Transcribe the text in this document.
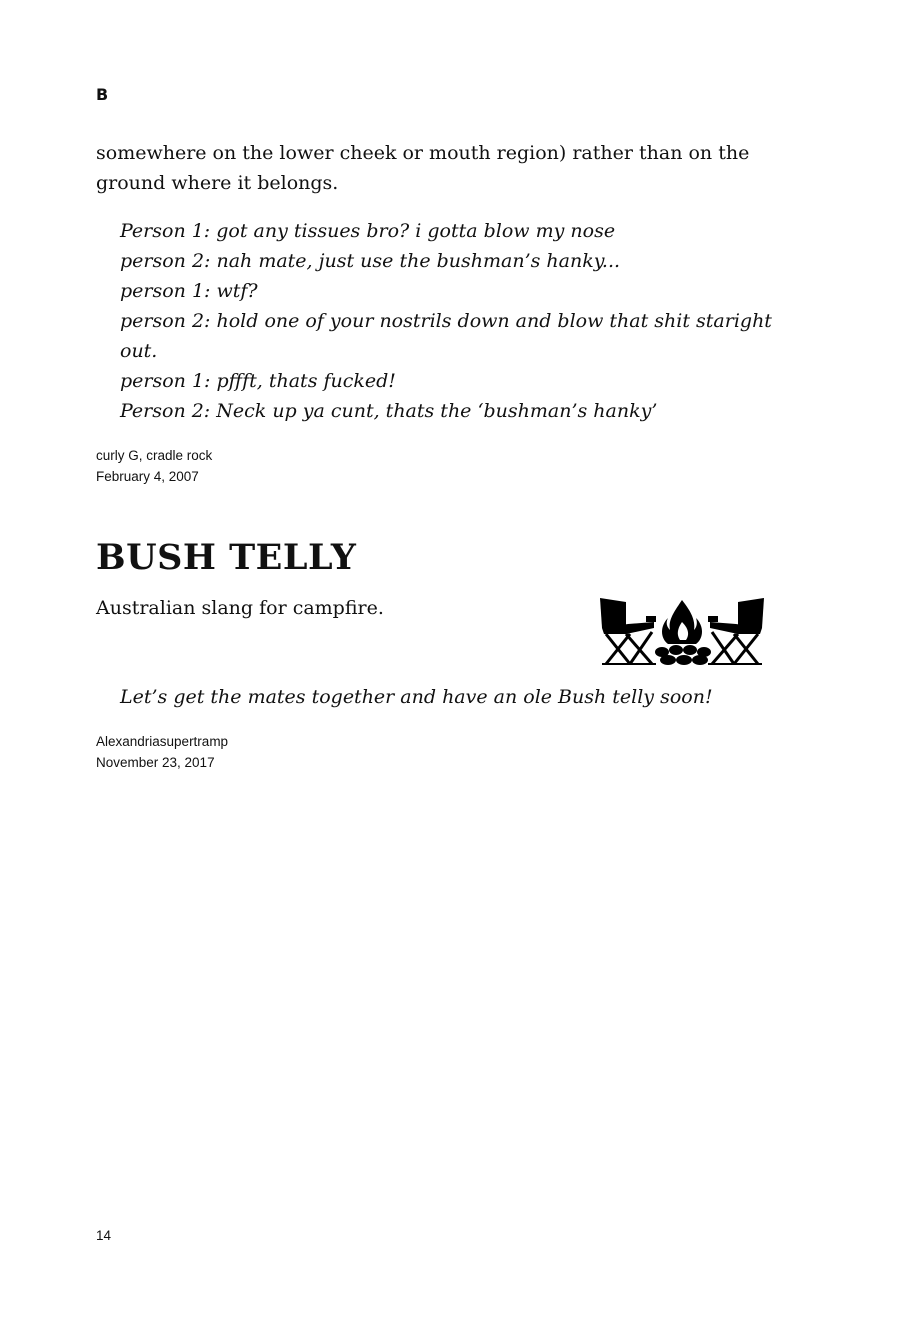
B

somewhere on the lower cheek or mouth region) rather than on the ground where it belongs.

Person 1: got any tissues bro? i gotta blow my nose
person 2: nah mate, just use the bushman’s hanky...
person 1: wtf?
person 2: hold one of your nostrils down and blow that shit staright out.
person 1: pffft, thats fucked!
Person 2: Neck up ya cunt, thats the ‘bushman’s hanky’

curly G, cradle rock
February 4, 2007

BUSH TELLY

Australian slang for campfire.

Let’s get the mates together and have an ole Bush telly soon!

Alexandriasupertramp
November 23, 2017

14
